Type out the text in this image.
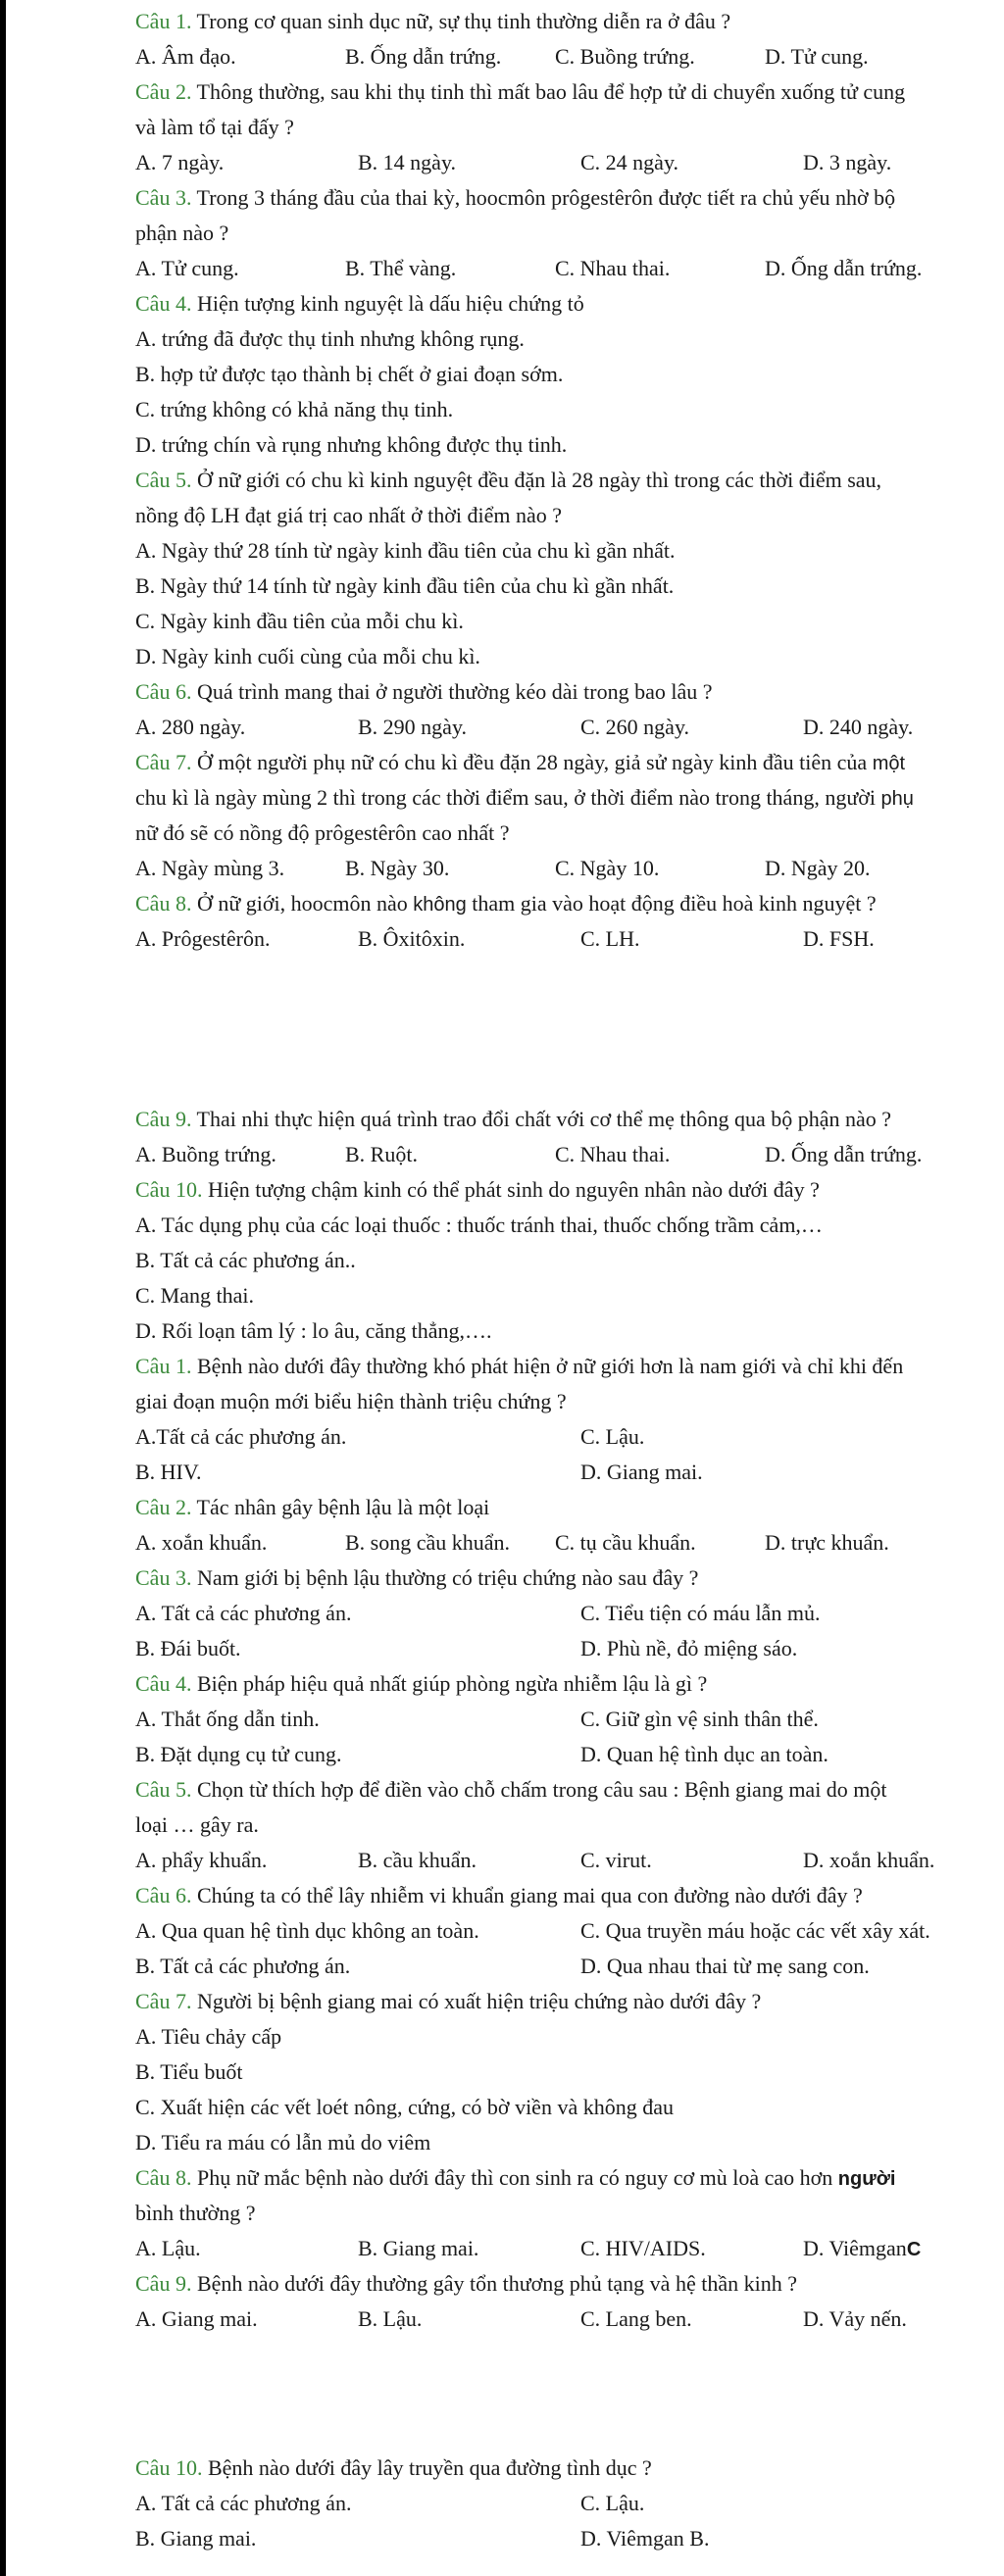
Câu 1. Trong cơ quan sinh dục nữ, sự thụ tinh thường diễn ra ở đâu ?
A. Âm đạo.	B. Ống dẫn trứng. C. Buồng trứng.	D. Tử cung.
Câu 2. Thông thường, sau khi thụ tinh thì mất bao lâu để hợp tử di chuyển xuống tử cung
và làm tổ tại đấy ?
A. 7 ngày.	B. 14 ngày.	C. 24 ngày.	D. 3 ngày.
Câu 3. Trong 3 tháng đầu của thai kỳ, hoocmôn prôgestêrôn được tiết ra chủ yếu nhờ bộ
phận nào ?
A. Tử cung.	B. Thể vàng.	C. Nhau thai.	D. Ống dẫn trứng.
Câu 4. Hiện tượng kinh nguyệt là dấu hiệu chứng tỏ
A. trứng đã được thụ tinh nhưng không rụng.
B. hợp tử được tạo thành bị chết ở giai đoạn sớm.
C. trứng không có khả năng thụ tinh.
D. trứng chín và rụng nhưng không được thụ tinh.
Câu 5. Ở nữ giới có chu kì kinh nguyệt đều đặn là 28 ngày thì trong các thời điểm sau,
nồng độ LH đạt giá trị cao nhất ở thời điểm nào ?
A. Ngày thứ 28 tính từ ngày kinh đầu tiên của chu kì gần nhất.
B. Ngày thứ 14 tính từ ngày kinh đầu tiên của chu kì gần nhất.
C. Ngày kinh đầu tiên của mỗi chu kì.
D. Ngày kinh cuối cùng của mỗi chu kì.
Câu 6. Quá trình mang thai ở người thường kéo dài trong bao lâu ?
A. 280 ngày.	B. 290 ngày.	C. 260 ngày.	D. 240 ngày.
Câu 7. Ở một người phụ nữ có chu kì đều đặn 28 ngày, giả sử ngày kinh đầu tiên của một
chu kì là ngày mùng 2 thì trong các thời điểm sau, ở thời điểm nào trong tháng, người phụ
nữ đó sẽ có nồng độ prôgestêrôn cao nhất ?
A. Ngày mùng 3.	B. Ngày 30.	C. Ngày 10.	D. Ngày 20.
Câu 8. Ở nữ giới, hoocmôn nào không tham gia vào hoạt động điều hoà kinh nguyệt ?
A. Prôgestêrôn.	B. Ôxitôxin.	C. LH.	D. FSH.
Câu 9. Thai nhi thực hiện quá trình trao đổi chất với cơ thể mẹ thông qua bộ phận nào ?
A. Buồng trứng.	B. Ruột.	C. Nhau thai.	D. Ống dẫn trứng.
Câu 10. Hiện tượng chậm kinh có thể phát sinh do nguyên nhân nào dưới đây ?
A. Tác dụng phụ của các loại thuốc : thuốc tránh thai, thuốc chống trầm cảm,…
B. Tất cả các phương án..
C. Mang thai.
D. Rối loạn tâm lý : lo âu, căng thẳng,….
Câu 1. Bệnh nào dưới đây thường khó phát hiện ở nữ giới hơn là nam giới và chỉ khi đến
giai đoạn muộn mới biểu hiện thành triệu chứng ?
A.Tất cả các phương án.	C. Lậu.
B. HIV.	D. Giang mai.
Câu 2. Tác nhân gây bệnh lậu là một loại
A. xoắn khuẩn.	B. song cầu khuẩn. C. tụ cầu khuẩn.	D. trực khuẩn.
Câu 3. Nam giới bị bệnh lậu thường có triệu chứng nào sau đây ?
A. Tất cả các phương án.	C. Tiểu tiện có máu lẫn mủ.
B. Đái buốt.	D. Phù nề, đỏ miệng sáo.
Câu 4. Biện pháp hiệu quả nhất giúp phòng ngừa nhiễm lậu là gì ?
A. Thắt ống dẫn tinh.	C. Giữ gìn vệ sinh thân thể.
B. Đặt dụng cụ tử cung.	D. Quan hệ tình dục an toàn.
Câu 5. Chọn từ thích hợp để điền vào chỗ chấm trong câu sau : Bệnh giang mai do một
loại … gây ra.
A. phẩy khuẩn.	B. cầu khuẩn.	C. virut.	D. xoắn khuẩn.
Câu 6. Chúng ta có thể lây nhiễm vi khuẩn giang mai qua con đường nào dưới đây ?
A. Qua quan hệ tình dục không an toàn.	C. Qua truyền máu hoặc các vết xây xát.
B. Tất cả các phương án.	D. Qua nhau thai từ mẹ sang con.
Câu 7. Người bị bệnh giang mai có xuất hiện triệu chứng nào dưới đây ?
A. Tiêu chảy cấp
B. Tiểu buốt
C. Xuất hiện các vết loét nông, cứng, có bờ viền và không đau
D. Tiểu ra máu có lẫn mủ do viêm
Câu 8. Phụ nữ mắc bệnh nào dưới đây thì con sinh ra có nguy cơ mù loà cao hơn người
bình thường ?
A. Lậu.	B. Giang mai.	C. HIV/AIDS.	D. ViêmganC
Câu 9. Bệnh nào dưới đây thường gây tổn thương phủ tạng và hệ thần kinh ?
A. Giang mai.	B. Lậu.	C. Lang ben.	D. Vảy nến.
Câu 10. Bệnh nào dưới đây lây truyền qua đường tình dục ?
A. Tất cả các phương án.	C. Lậu.
B. Giang mai.	D. Viêmgan B.
